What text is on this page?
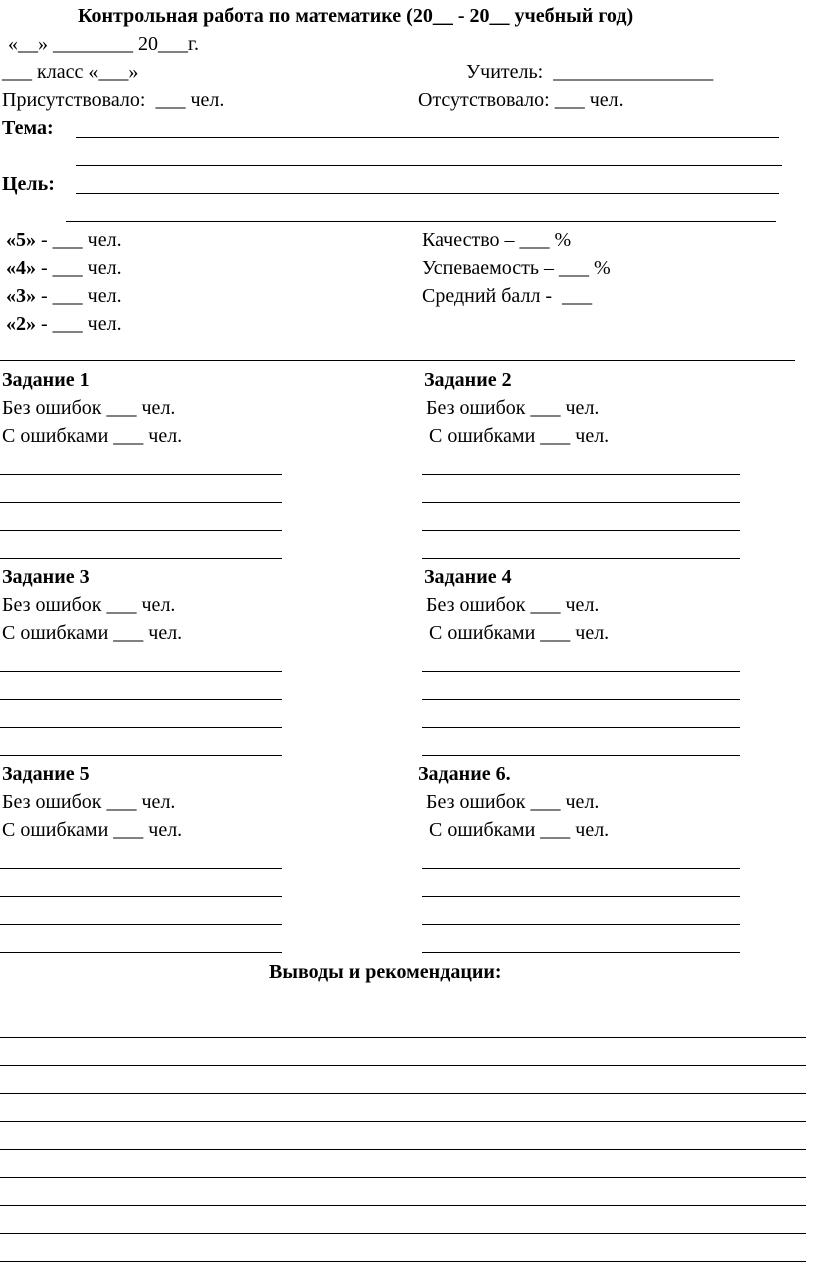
Контрольная работа по математике (20__ - 20__ учебный год)
«__» ________ 20___г.
___ класс «___»	Учитель:  ________________
Присутствовало:  ___ чел.	Отсутствовало: ___ чел.
Тема:
Цель:
«5» - ___ чел.
«4» - ___ чел.
«3» - ___ чел.
«2» - ___ чел.
Качество – ___ %
Успеваемость – ___ %
Средний балл -  ___
Задание 1
Без ошибок ___ чел.
С ошибками ___ чел.
Задание 2
Без ошибок ___ чел.
С ошибками ___ чел.
Задание 3
Без ошибок ___ чел.
С ошибками ___ чел.
Задание 4
Без ошибок ___ чел.
С ошибками ___ чел.
Задание 5
Без ошибок ___ чел.
С ошибками ___ чел.
Задание 6.
Без ошибок ___ чел.
С ошибками ___ чел.
Выводы и рекомендации:
